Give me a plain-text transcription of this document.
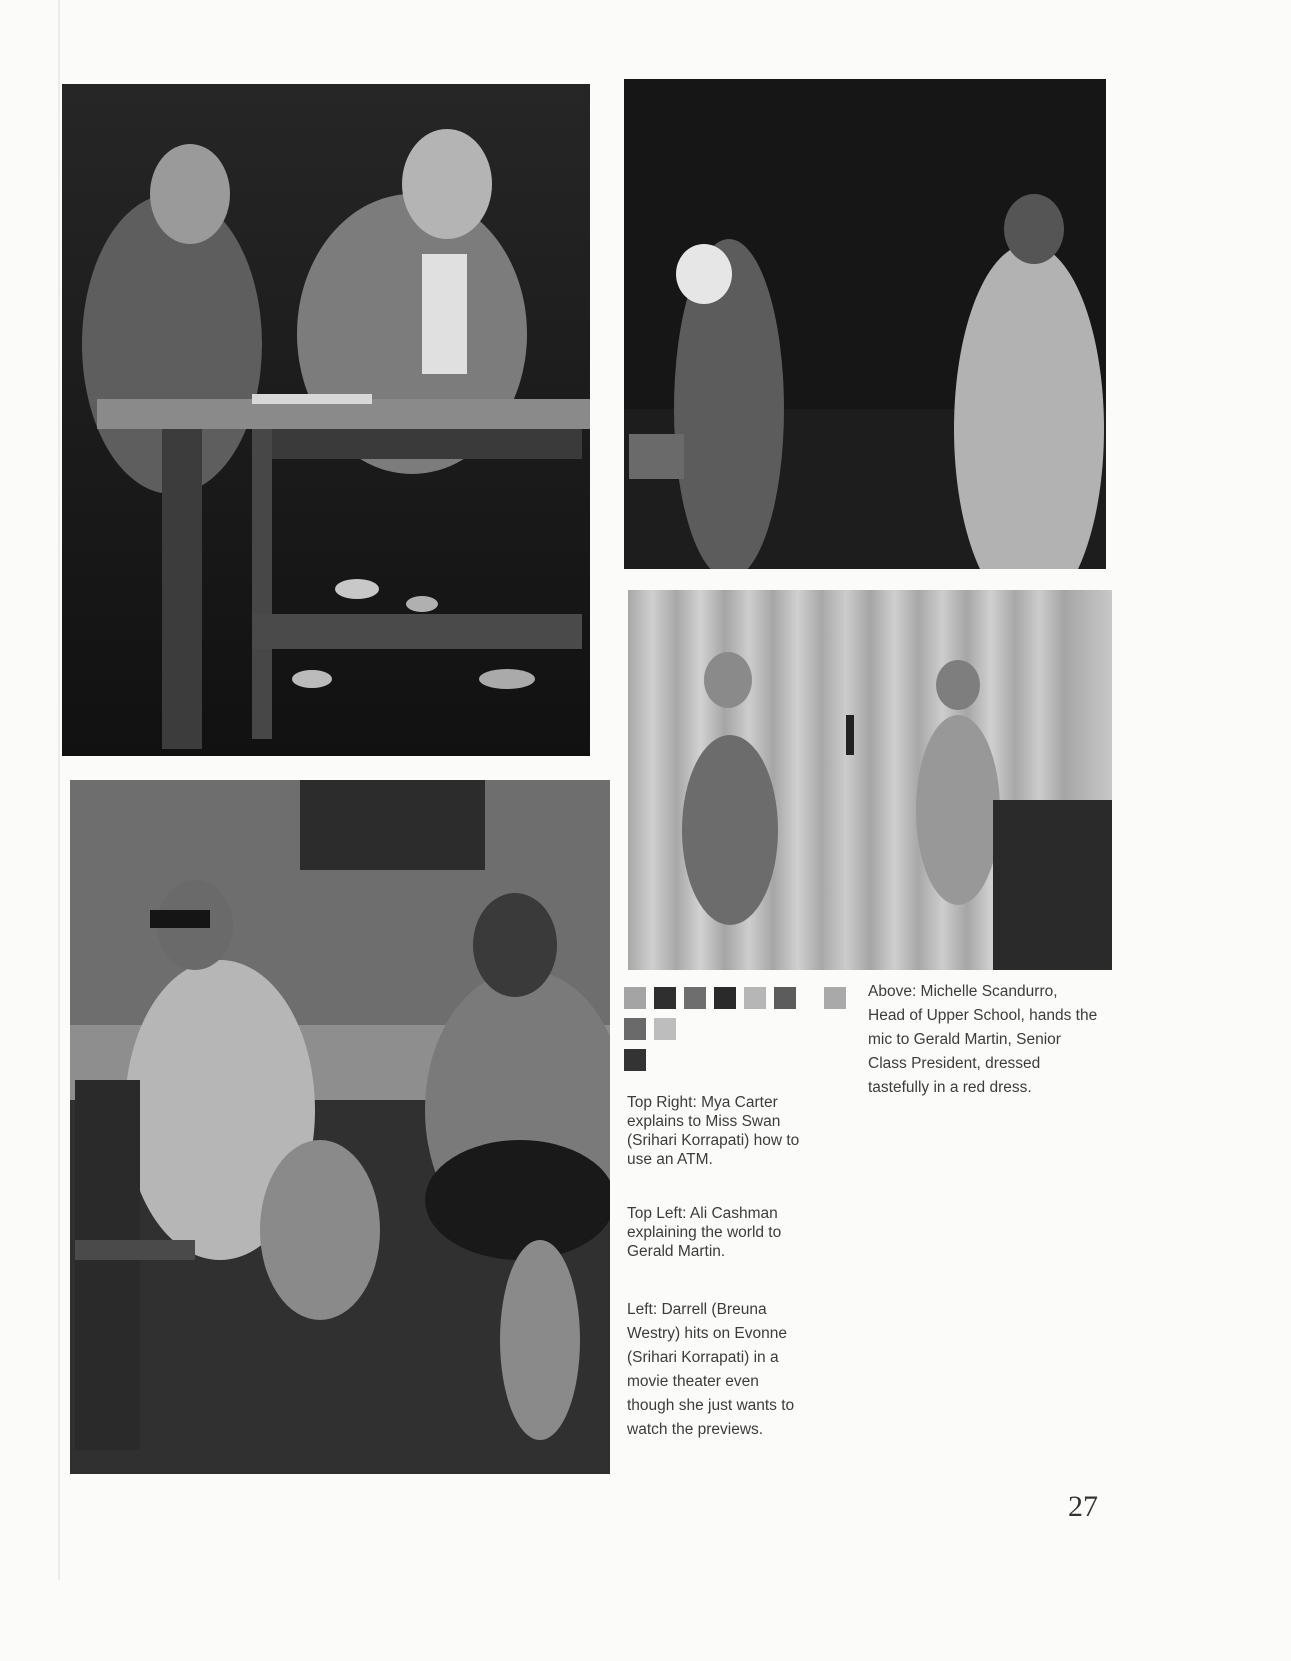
Top Right: Mya Carter explains to Miss Swan (Srihari Korrapati) how to use an ATM.

Top Left: Ali Cashman explaining the world to Gerald Martin.

Left: Darrell (Breuna Westry) hits on Evonne (Srihari Korrapati) in a movie theater even though she just wants to watch the previews.

Above: Michelle Scandurro, Head of Upper School, hands the mic to Gerald Martin, Senior Class President, dressed tastefully in a red dress.

27
